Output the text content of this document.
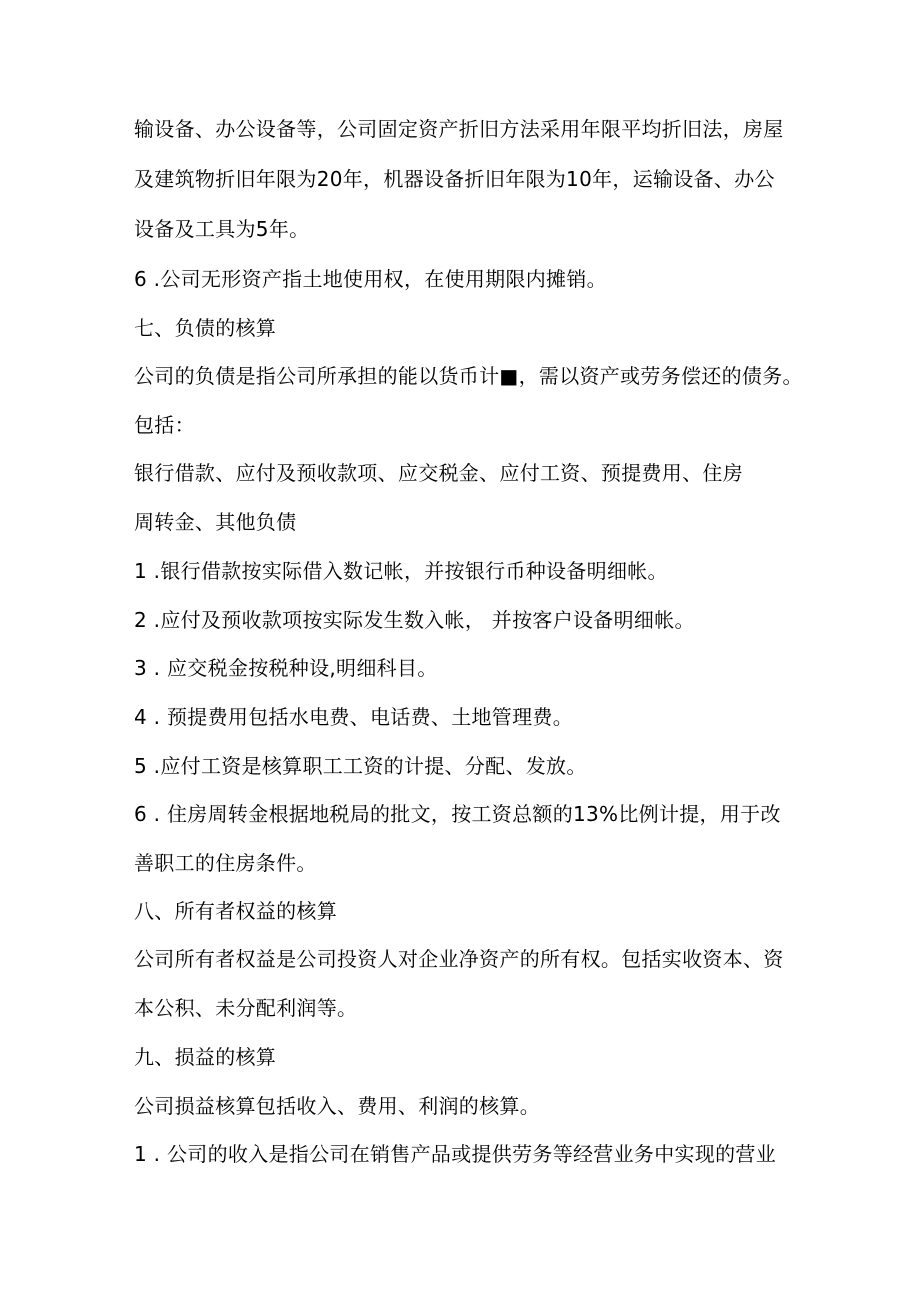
输设备、办公设备等，公司固定资产折旧方法采用年限平均折旧法，房屋
及建筑物折旧年限为20年，机器设备折旧年限为10年，运输设备、办公
设备及工具为5年。
6 .公司无形资产指土地使用权，在使用期限内摊销。
七、负债的核算
公司的负债是指公司所承担的能以货币计■，需以资产或劳务偿还的债务。
包括：
银行借款、应付及预收款项、应交税金、应付工资、预提费用、住房
周转金、其他负债
1 .银行借款按实际借入数记帐，并按银行币种设备明细帐。
2 .应付及预收款项按实际发生数入帐， 并按客户设备明细帐。
3 . 应交税金按税种设,明细科目。
4 . 预提费用包括水电费、电话费、土地管理费。
5 .应付工资是核算职工工资的计提、分配、发放。
6 . 住房周转金根据地税局的批文，按工资总额的13%比例计提，用于改
善职工的住房条件。
八、所有者权益的核算
公司所有者权益是公司投资人对企业净资产的所有权。包括实收资本、资
本公积、未分配利润等。
九、损益的核算
公司损益核算包括收入、费用、利润的核算。
1 . 公司的收入是指公司在销售产品或提供劳务等经营业务中实现的营业
